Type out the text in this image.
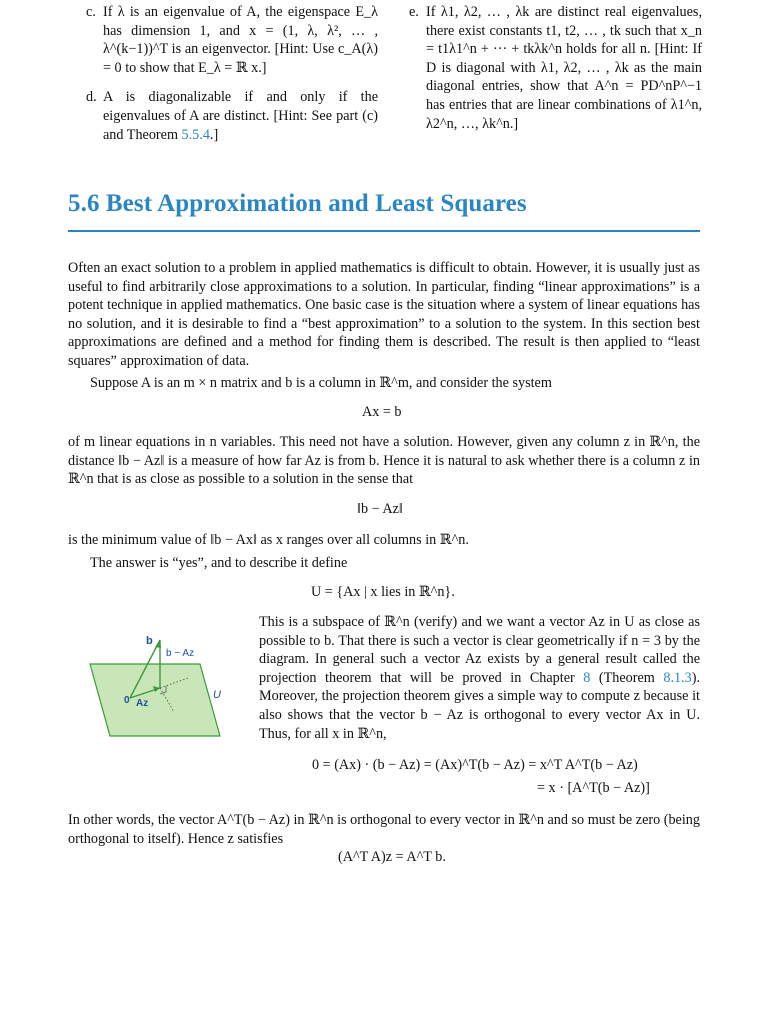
c. If λ is an eigenvalue of A, the eigenspace E_λ has dimension 1, and x = (1, λ, λ², … , λ^(k−1))^T is an eigenvector. [Hint: Use c_A(λ) = 0 to show that E_λ = ℝ x.]
d. A is diagonalizable if and only if the eigenvalues of A are distinct. [Hint: See part (c) and Theorem 5.5.4.]
e. If λ1, λ2, … , λk are distinct real eigenvalues, there exist constants t1, t2, … , tk such that x_n = t1λ1^n + ··· + tkλk^n holds for all n. [Hint: If D is diagonal with λ1, λ2, … , λk as the main diagonal entries, show that A^n = PD^nP^−1 has entries that are linear combinations of λ1^n, λ2^n, …, λk^n.]
5.6 Best Approximation and Least Squares
Often an exact solution to a problem in applied mathematics is difficult to obtain. However, it is usually just as useful to find arbitrarily close approximations to a solution. In particular, finding “linear approximations” is a potent technique in applied mathematics. One basic case is the situation where a system of linear equations has no solution, and it is desirable to find a “best approximation” to a solution to the system. In this section best approximations are defined and a method for finding them is described. The result is then applied to “least squares” approximation of data.
Suppose A is an m × n matrix and b is a column in ℝ^m, and consider the system
Ax = b
of m linear equations in n variables. This need not have a solution. However, given any column z in ℝ^n, the distance ‖b − Az‖ is a measure of how far Az is from b. Hence it is natural to ask whether there is a column z in ℝ^n that is as close as possible to a solution in the sense that
‖b − Az‖
is the minimum value of ‖b − Ax‖ as x ranges over all columns in ℝ^n.
The answer is “yes”, and to describe it define
U = {Ax | x lies in ℝ^n}.
b
b − Az
0 Az
U
This is a subspace of ℝ^n (verify) and we want a vector Az in U as close as possible to b. That there is such a vector is clear geometrically if n = 3 by the diagram. In general such a vector Az exists by a general result called the projection theorem that will be proved in Chapter 8 (Theorem 8.1.3). Moreover, the projection theorem gives a simple way to compute z because it also shows that the vector b − Az is orthogonal to every vector Ax in U. Thus, for all x in ℝ^n,
0 = (Ax) · (b − Az) = (Ax)^T(b − Az) = x^T A^T(b − Az)
= x · [A^T(b − Az)]
In other words, the vector A^T(b − Az) in ℝ^n is orthogonal to every vector in ℝ^n and so must be zero (being orthogonal to itself). Hence z satisfies
(A^T A)z = A^T b.
